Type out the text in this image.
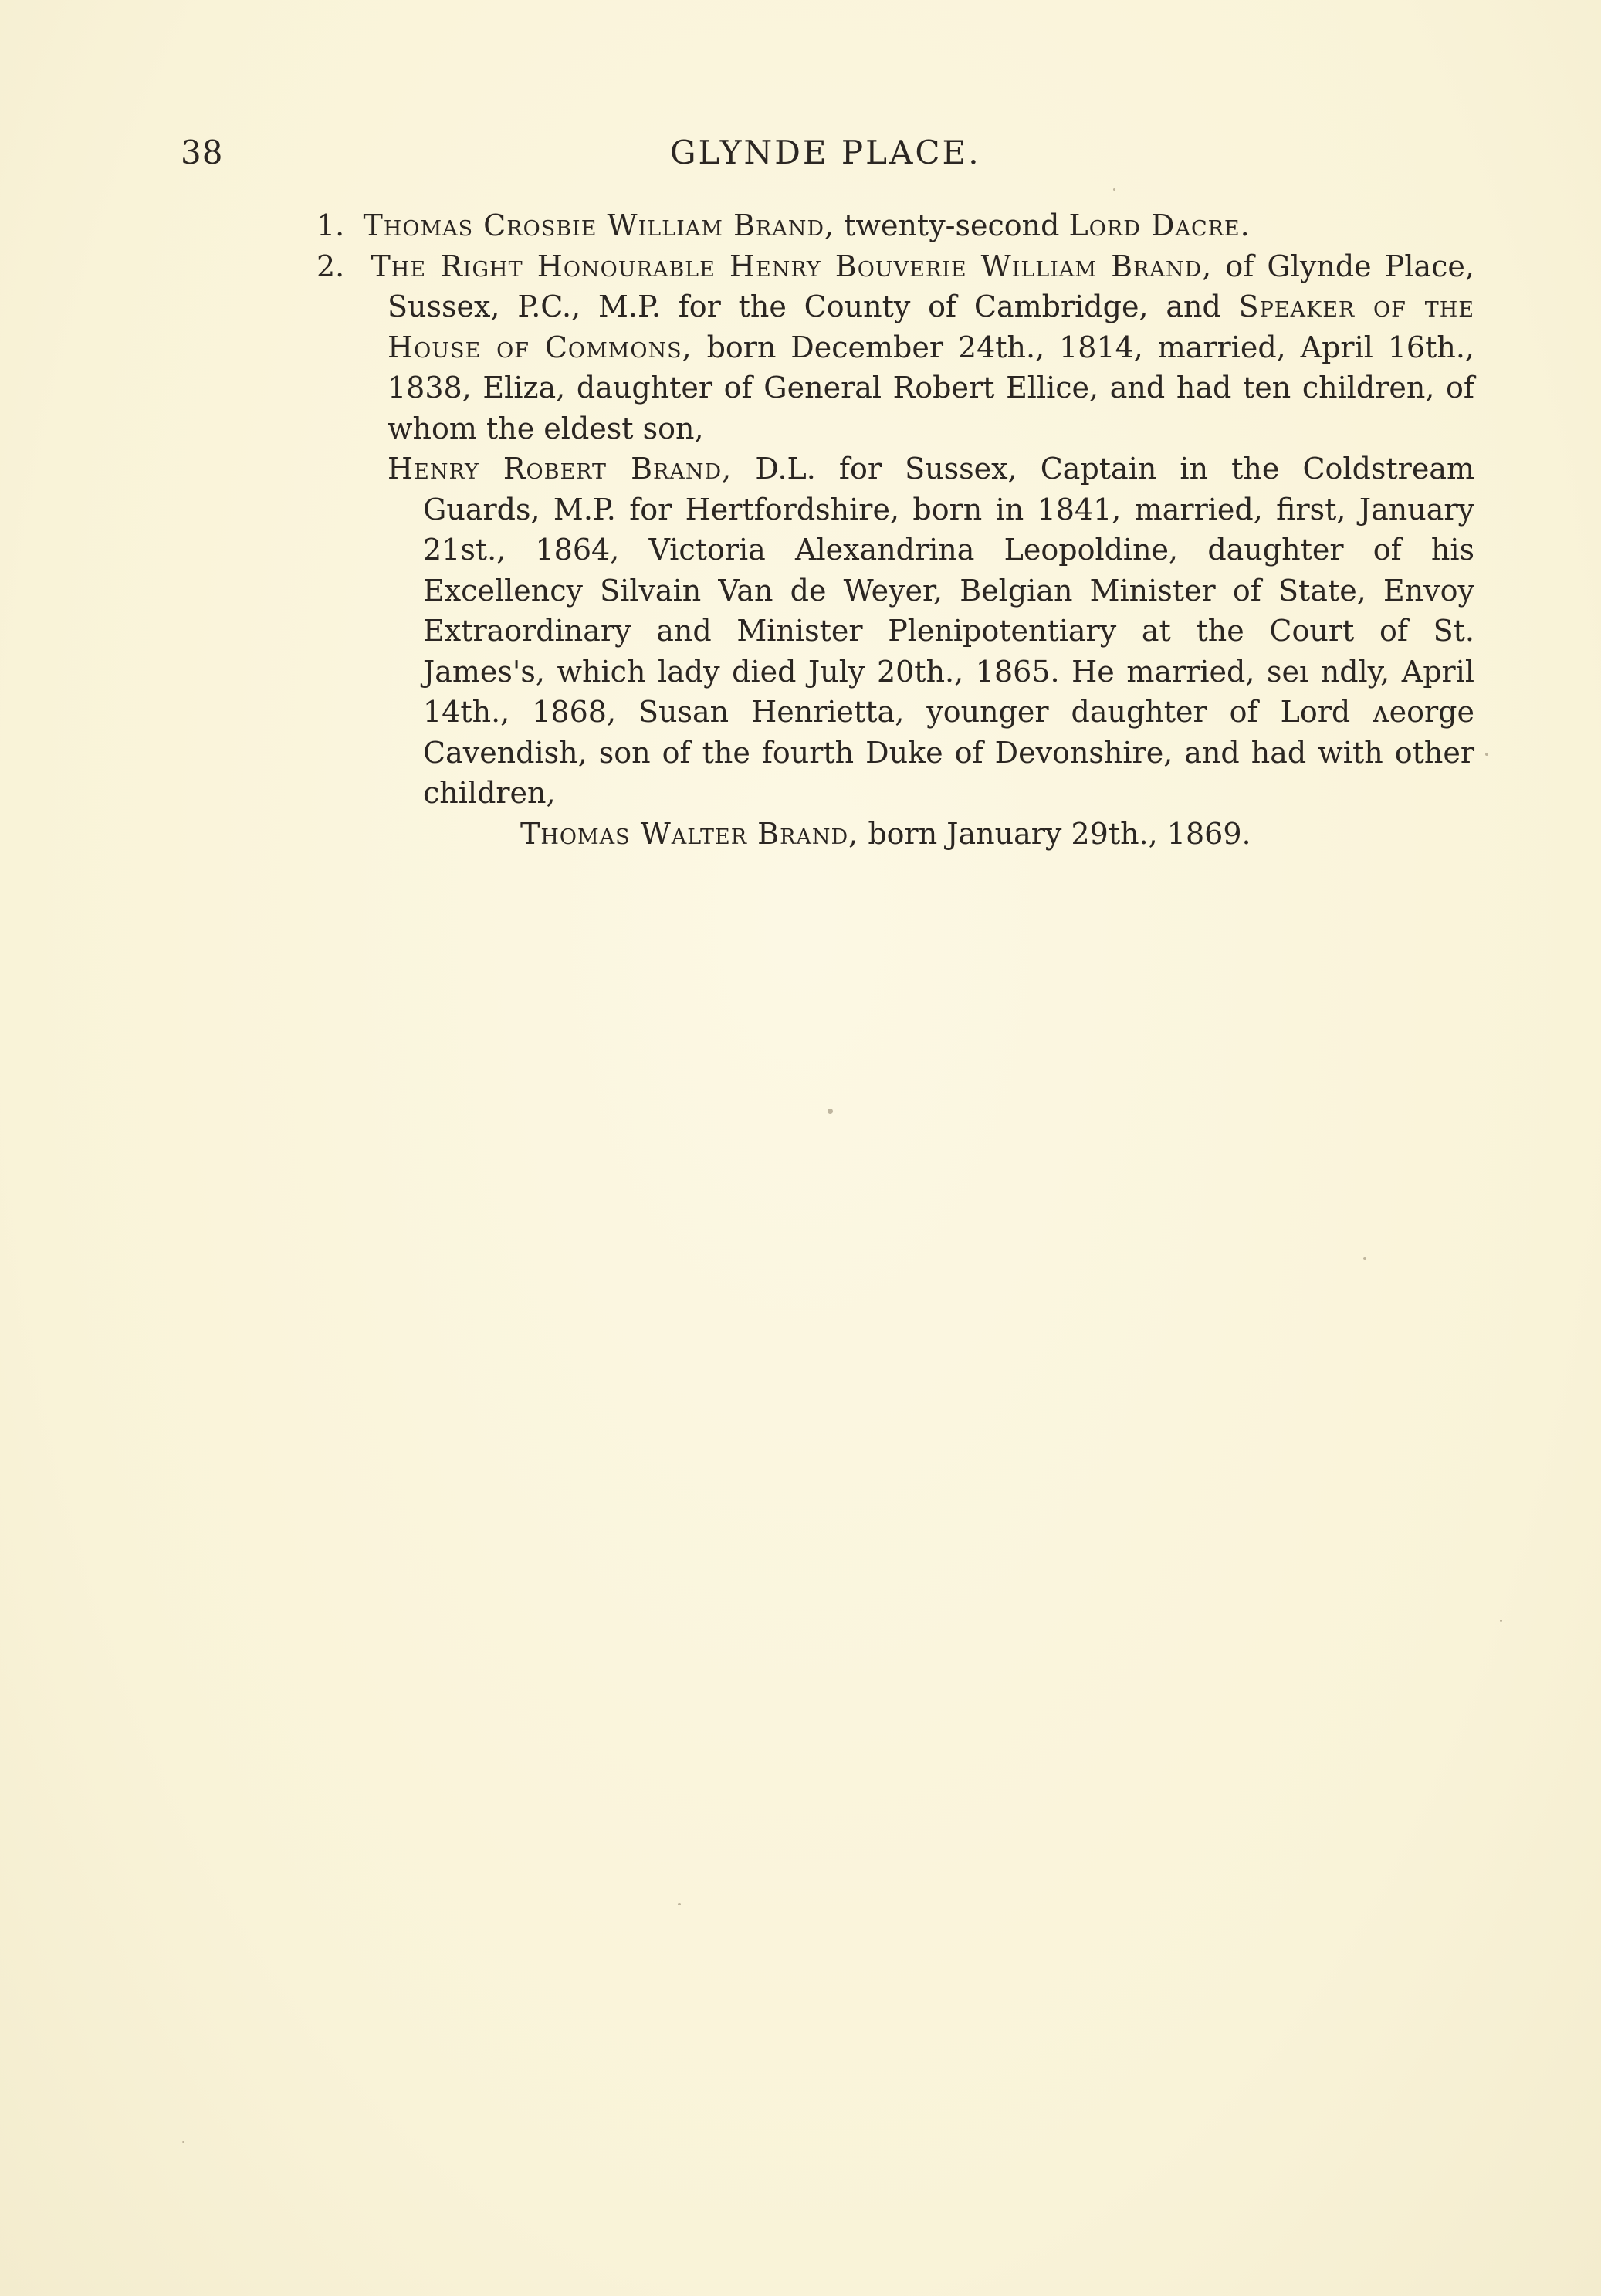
38	GLYNDE PLACE.
1. Thomas Crosbie William Brand, twenty-second Lord Dacre.
2. The Right Honourable Henry Bouverie William Brand, of Glynde Place, Sussex, P.C., M.P. for the County of Cambridge, and Speaker of the House of Commons, born December 24th., 1814, married, April 16th., 1838, Eliza, daughter of General Robert Ellice, and had ten children, of whom the eldest son,
Henry Robert Brand, D.L. for Sussex, Captain in the Coldstream Guards, M.P. for Hertfordshire, born in 1841, married, first, January 21st., 1864, Victoria Alexandrina Leopoldine, daughter of his Excellency Silvain Van de Weyer, Belgian Minister of State, Envoy Extraordinary and Minister Plenipotentiary at the Court of St. James's, which lady died July 20th., 1865. He married, seı ndly, April 14th., 1868, Susan Henrietta, younger daughter of Lord ʌeorge Cavendish, son of the fourth Duke of Devonshire, and had with other children,
Thomas Walter Brand, born January 29th., 1869.
